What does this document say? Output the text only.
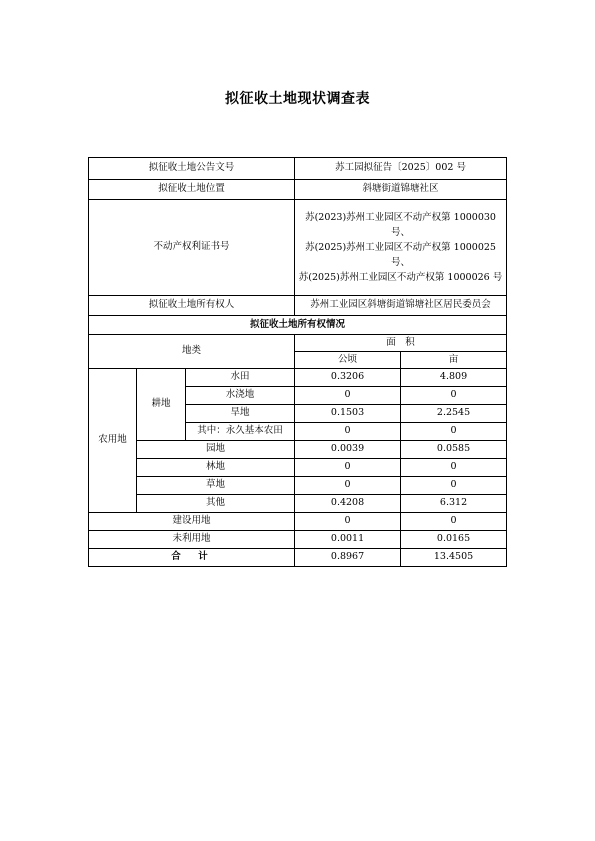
拟征收土地现状调查表
拟征收土地公告文号			苏工园拟征告〔2025〕002 号	
拟征收土地位置			斜塘街道锦塘社区	
不动产权利证书号			苏(2023)苏州工业园区不动产权第 1000030 号、
苏(2025)苏州工业园区不动产权第 1000025 号、
苏(2025)苏州工业园区不动产权第 1000026 号	

拟征收土地所有权人			苏州工业园区斜塘街道锦塘社区居民委员会	
拟征收土地所有权情况				
地类			面　积	
			公顷	亩
农用地	耕地	水田	0.3206	4.809
		水浇地	0	0
		旱地	0.1503	2.2545
		其中：永久基本农田	0	0
	园地		0.0039	0.0585
	林地		0	0
	草地		0	0
	其他		0.4208	6.312
建设用地			0	0
未利用地			0.0011	0.0165
合　计			0.8967	13.4505
